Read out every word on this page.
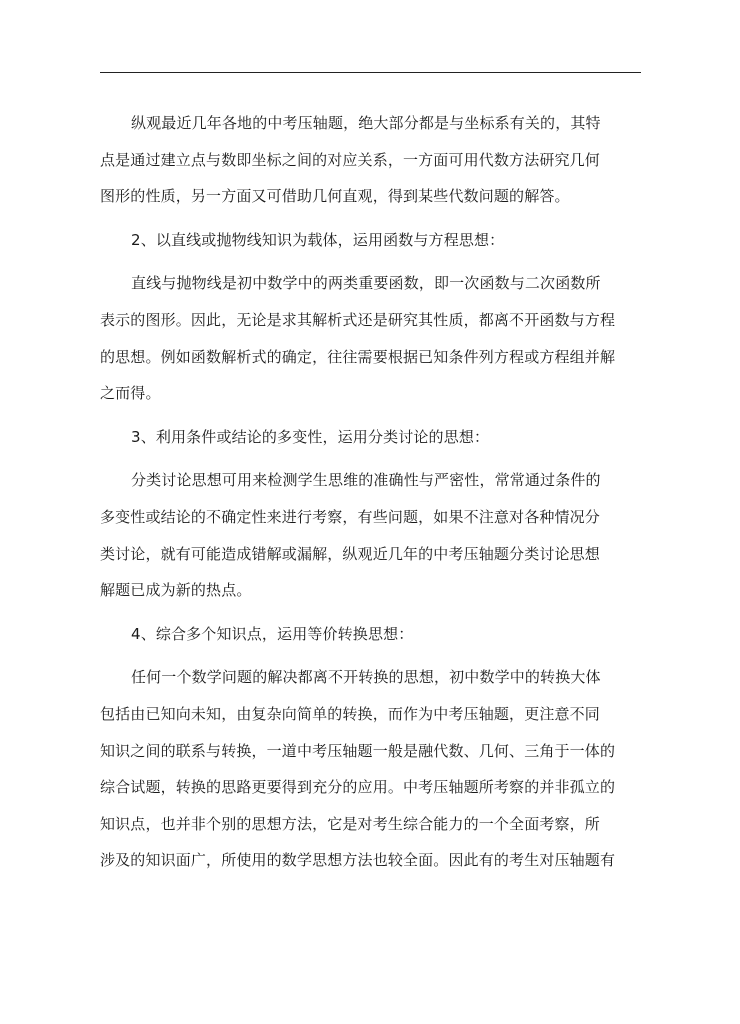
纵观最近几年各地的中考压轴题，绝大部分都是与坐标系有关的，其特
点是通过建立点与数即坐标之间的对应关系，一方面可用代数方法研究几何
图形的性质，另一方面又可借助几何直观，得到某些代数问题的解答。

2、以直线或抛物线知识为载体，运用函数与方程思想：

直线与抛物线是初中数学中的两类重要函数，即一次函数与二次函数所
表示的图形。因此，无论是求其解析式还是研究其性质，都离不开函数与方程
的思想。例如函数解析式的确定，往往需要根据已知条件列方程或方程组并解
之而得。

3、利用条件或结论的多变性，运用分类讨论的思想：

分类讨论思想可用来检测学生思维的准确性与严密性，常常通过条件的
多变性或结论的不确定性来进行考察，有些问题，如果不注意对各种情况分
类讨论，就有可能造成错解或漏解，纵观近几年的中考压轴题分类讨论思想
解题已成为新的热点。

4、综合多个知识点，运用等价转换思想：

任何一个数学问题的解决都离不开转换的思想，初中数学中的转换大体
包括由已知向未知，由复杂向简单的转换，而作为中考压轴题，更注意不同
知识之间的联系与转换，一道中考压轴题一般是融代数、几何、三角于一体的
综合试题，转换的思路更要得到充分的应用。中考压轴题所考察的并非孤立的
知识点，也并非个别的思想方法，它是对考生综合能力的一个全面考察，所
涉及的知识面广，所使用的数学思想方法也较全面。因此有的考生对压轴题有
